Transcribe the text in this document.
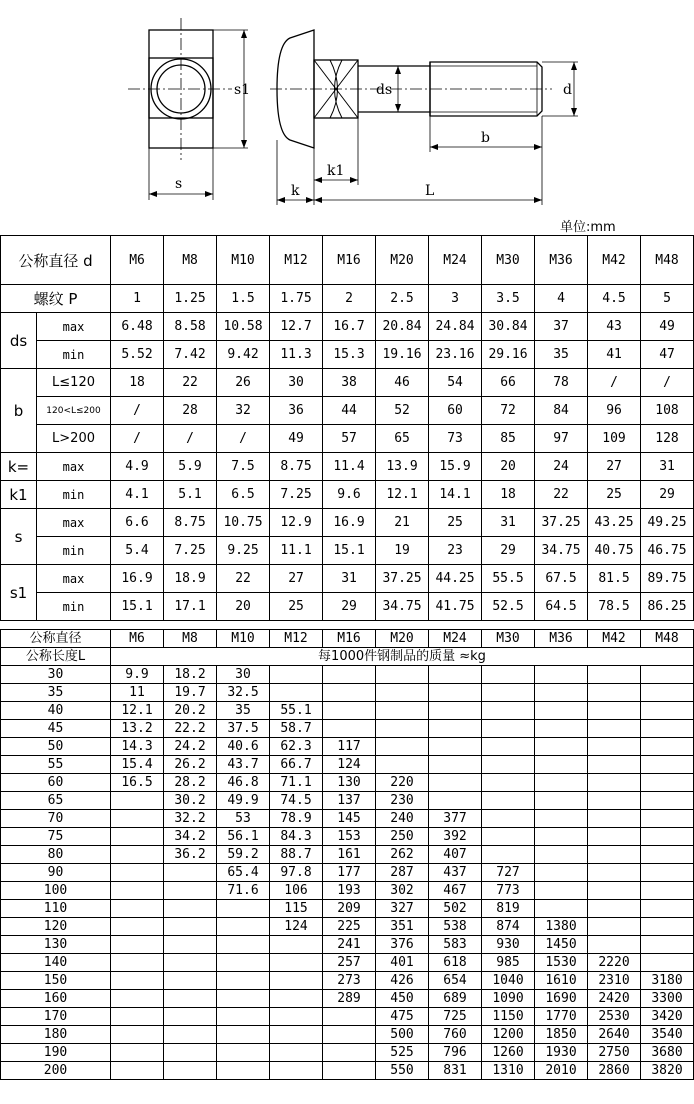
s1
s
ds	d
b
k1
k	L
单位:mm
公称直径 d		M6	M8	M10	M12	M16	M20	M24	M30	M36	M42	M48
螺纹 P		1	1.25	1.5	1.75	2	2.5	3	3.5	4	4.5	5
ds	max	6.48	8.58	10.58	12.7	16.7	20.84	24.84	30.84	37	43	49
	min	5.52	7.42	9.42	11.3	15.3	19.16	23.16	29.16	35	41	47
b	L≤120	18	22	26	30	38	46	54	66	78	/	/
	120<L≤200	/	28	32	36	44	52	60	72	84	96	108
	L>200	/	/	/	49	57	65	73	85	97	109	128
k=	max	4.9	5.9	7.5	8.75	11.4	13.9	15.9	20	24	27	31
k1	min	4.1	5.1	6.5	7.25	9.6	12.1	14.1	18	22	25	29
s	max	6.6	8.75	10.75	12.9	16.9	21	25	31	37.25	43.25	49.25
	min	5.4	7.25	9.25	11.1	15.1	19	23	29	34.75	40.75	46.75
s1	max	16.9	18.9	22	27	31	37.25	44.25	55.5	67.5	81.5	89.75
	min	15.1	17.1	20	25	29	34.75	41.75	52.5	64.5	78.5	86.25
公称直径	M6	M8	M10	M12	M16	M20	M24	M30	M36	M42	M48
公称长度L	每1000件钢制品的质量 ≈kg										
30	9.9	18.2	30								
35	11	19.7	32.5								
40	12.1	20.2	35	55.1							
45	13.2	22.2	37.5	58.7							
50	14.3	24.2	40.6	62.3	117						
55	15.4	26.2	43.7	66.7	124						
60	16.5	28.2	46.8	71.1	130	220					
65		30.2	49.9	74.5	137	230					
70		32.2	53	78.9	145	240	377				
75		34.2	56.1	84.3	153	250	392				
80		36.2	59.2	88.7	161	262	407				
90			65.4	97.8	177	287	437	727			
100			71.6	106	193	302	467	773			
110				115	209	327	502	819			
120				124	225	351	538	874	1380		
130					241	376	583	930	1450		
140					257	401	618	985	1530	2220	
150					273	426	654	1040	1610	2310	3180
160					289	450	689	1090	1690	2420	3300
170						475	725	1150	1770	2530	3420
180						500	760	1200	1850	2640	3540
190						525	796	1260	1930	2750	3680
200						550	831	1310	2010	2860	3820
